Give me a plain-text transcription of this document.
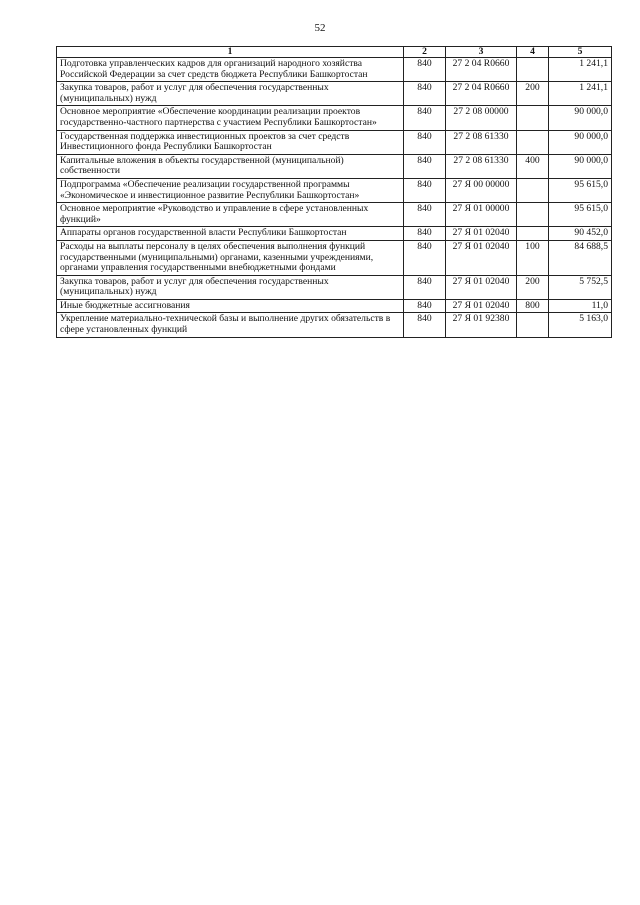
52
1	2	3	4	5
Подготовка управленческих кадров для организаций народного хозяйства Российской Федерации за счет средств бюджета Республики Башкортостан	840	27 2 04 R0660		1 241,1
Закупка товаров, работ и услуг для обеспечения государственных (муниципальных) нужд	840	27 2 04 R0660	200	1 241,1
Основное мероприятие «Обеспечение координации реализации проектов государственно-частного партнерства с участием Республики Башкортостан»	840	27 2 08 00000		90 000,0
Государственная поддержка инвестиционных проектов за счет средств Инвестиционного фонда Республики Башкортостан	840	27 2 08 61330		90 000,0
Капитальные вложения в объекты государственной (муниципальной) собственности	840	27 2 08 61330	400	90 000,0
Подпрограмма «Обеспечение реализации государственной программы «Экономическое и инвестиционное развитие Республики Башкортостан»	840	27 Я 00 00000		95 615,0
Основное мероприятие «Руководство и управление в сфере установленных функций»	840	27 Я 01 00000		95 615,0
Аппараты органов государственной власти Республики Башкортостан	840	27 Я 01 02040		90 452,0
Расходы на выплаты персоналу в целях обеспечения выполнения функций государственными (муниципальными) органами, казенными учреждениями, органами управления государственными внебюджетными фондами	840	27 Я 01 02040	100	84 688,5
Закупка товаров, работ и услуг для обеспечения государственных (муниципальных) нужд	840	27 Я 01 02040	200	5 752,5
Иные бюджетные ассигнования	840	27 Я 01 02040	800	11,0
Укрепление материально-технической базы и выполнение других обязательств в сфере установленных функций	840	27 Я 01 92380		5 163,0
